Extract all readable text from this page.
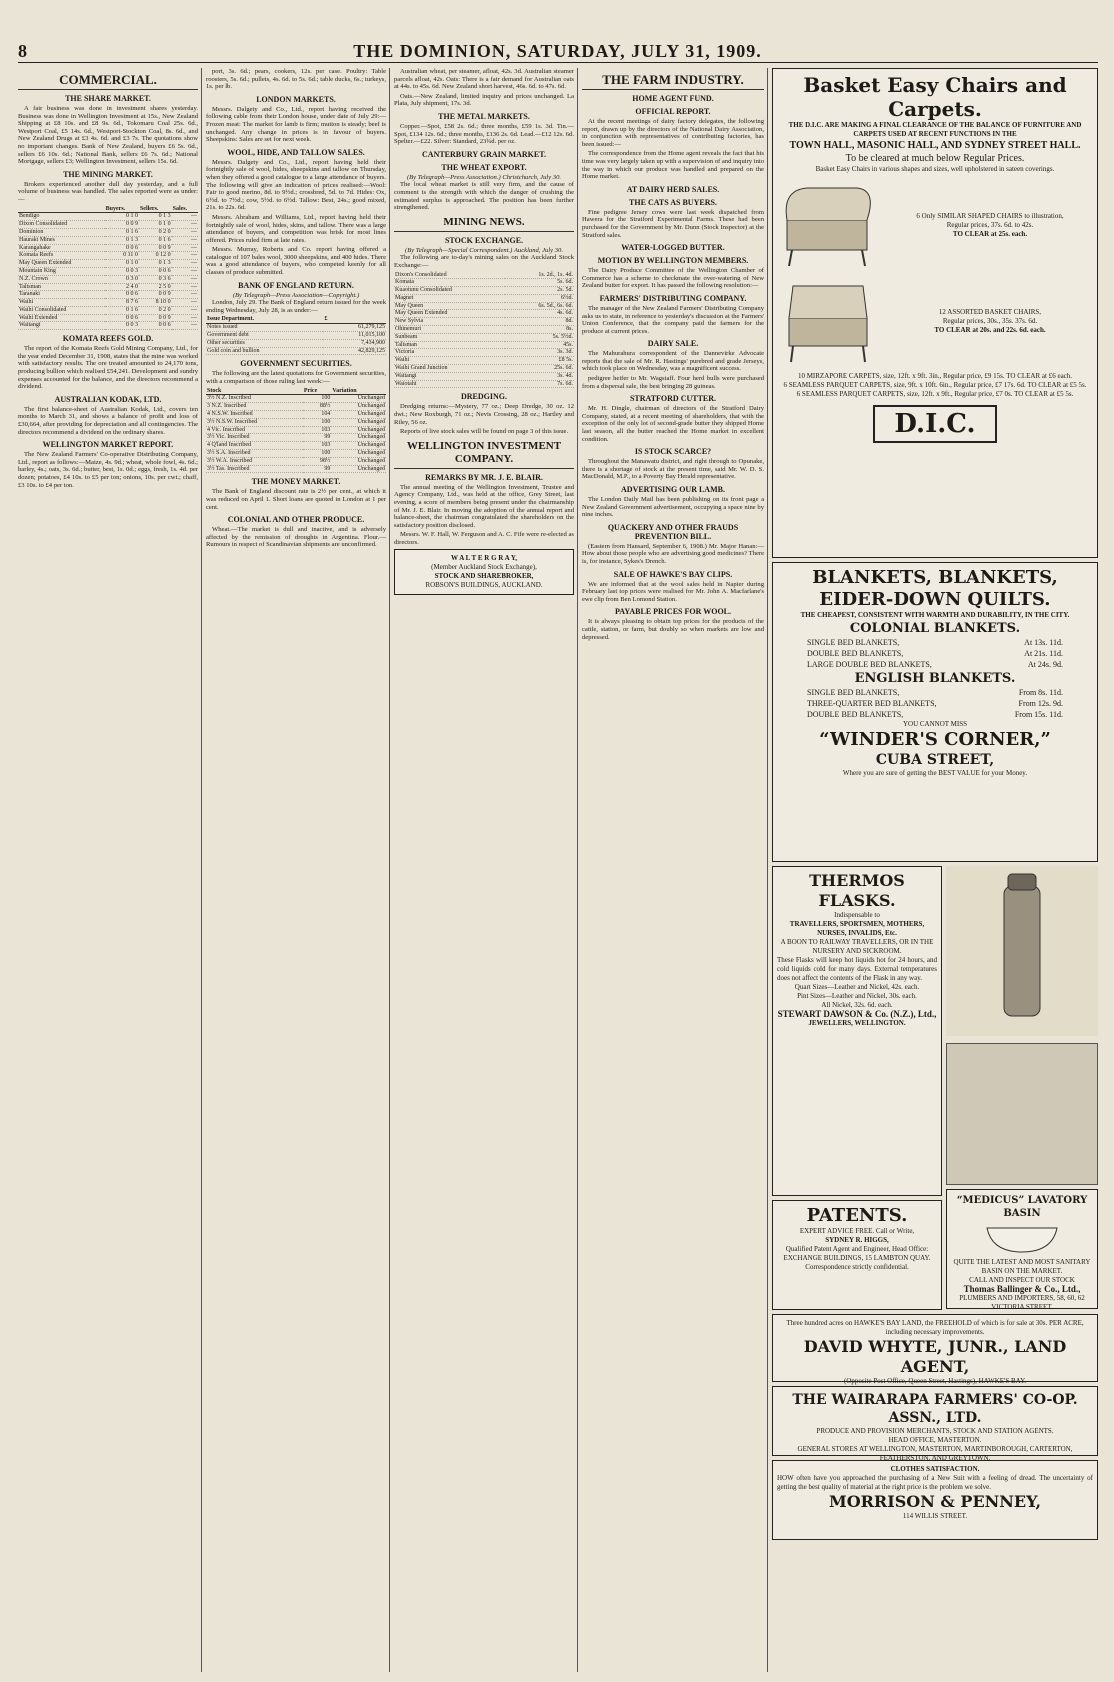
8	THE DOMINION, SATURDAY, JULY 31, 1909.
COMMERCIAL.
THE SHARE MARKET.

A fair business was done in investment shares yesterday. Business was done in Wellington Investment at 15s., New Zealand Shipping at £8 10s. and £8 9s. 6d., Tokomaru Coal 25s. 6d., Westport Coal, £5 14s. 6d., Westport-Stockton Coal, 8s. 6d., and New Zealand Drugs at £3 4s. 6d. and £3 7s. The quotations show no important changes. Bank of New Zealand, buyers £6 5s. 6d., sellers £6 10s. 6d.; National Bank, sellers £6 7s. 6d.; National Mortgage, sellers £3; Wellington Investment, sellers 15s. 6d.

THE MINING MARKET.

Brokers experienced another dull day yesterday, and a full volume of business was handled. The sales reported were as under:—

	Buyers.	Sellers.	Sales.
Bendigo	0 1 0	0 1 3	—
Dixon Consolidated	0 0 9	0 1 0	—
Dominion	0 1 6	0 2 0	—
Hauraki Mines	0 1 3	0 1 6	—
Karangahake	0 0 6	0 0 9	—
Komata Reefs	0 11 0	0 12 0	—
May Queen Extended	0 1 0	0 1 3	—
Mountain King	0 0 3	0 0 6	—
N.Z. Crown	0 3 0	0 3 6	—
Talisman	2 4 0	2 5 0	—
Taranaki	0 0 6	0 0 9	—
Waihi	8 7 6	8 10 0	—
Waihi Consolidated	0 1 6	0 2 0	—
Waihi Extended	0 0 6	0 0 9	—
Waitangi	0 0 3	0 0 6	—
KOMATA REEFS GOLD.

The report of the Komata Reefs Gold Mining Company, Ltd., for the year ended December 31, 1908, states that the mine was worked with satisfactory results. The ore treated amounted to 24,170 tons, producing bullion which realised £54,241. Development and sundry expenses accounted for the balance, and the directors recommend a dividend.

AUSTRALIAN KODAK, LTD.

The first balance-sheet of Australian Kodak, Ltd., covers ten months to March 31, and shows a balance of profit and loss of £30,664, after providing for depreciation and all contingencies. The directors recommend a dividend on the ordinary shares.

WELLINGTON MARKET REPORT.

The New Zealand Farmers' Co-operative Distributing Company, Ltd., report as follows:—Maize, 4s. 9d.; wheat, whole fowl, 4s. 6d.; barley, 4s.; oats, 3s. 6d.; butter, best, 1s. 0d.; eggs, fresh, 1s. 4d. per dozen; potatoes, £4 10s. to £5 per ton; onions, 10s. per cwt.; chaff, £3 10s. to £4 per ton.

port, 3s. 6d.; pears, cookers, 12s. per case. Poultry: Table roosters, 5s. 6d.; pullets, 4s. 6d. to 5s. 6d.; table ducks, 6s.; turkeys, 1s. per lb.

LONDON MARKETS.

Messrs. Dalgety and Co., Ltd., report having received the following cable from their London house, under date of July 29:— Frozen meat: The market for lamb is firm; mutton is steady; beef is unchanged. Any change in prices is in favour of buyers. Sheepskins: Sales are set for next week.

WOOL, HIDE, AND TALLOW SALES.

Messrs. Dalgety and Co., Ltd., report having held their fortnightly sale of wool, hides, sheepskins and tallow on Thursday, when they offered a good catalogue to a large attendance of buyers. The following will give an indication of prices realised:—Wool: Fair to good merino, 8d. to 9½d.; crossbred, 5d. to 7d. Hides: Ox, 6½d. to 7½d.; cow, 5½d. to 6½d. Tallow: Best, 24s.; good mixed, 21s. to 22s. 6d.

Messrs. Abraham and Williams, Ltd., report having held their fortnightly sale of wool, hides, skins, and tallow. There was a large attendance of buyers, and competition was brisk for most lines offered. Prices ruled firm at late rates.

Messrs. Murray, Roberts and Co. report having offered a catalogue of 107 bales wool, 3000 sheepskins, and 400 hides. There was a good attendance of buyers, who competed keenly for all classes of produce submitted.

BANK OF ENGLAND RETURN.
(By Telegraph—Press Association—Copyright.)

London, July 29. The Bank of England return issued for the week ending Wednesday, July 28, is as under:—

Issue Department.	£
Notes issued	61,279,125
Government debt	11,015,100
Other securities	7,434,900
Gold coin and bullion	42,829,125
GOVERNMENT SECURITIES.

The following are the latest quotations for Government securities, with a comparison of those ruling last week:—

Stock	Price	Variation
3½ N.Z. Inscribed	100	Unchanged
3 N.Z. Inscribed	88½	Unchanged
4 N.S.W. Inscribed	104	Unchanged
3½ N.S.W. Inscribed	100	Unchanged
4 Vic. Inscribed	103	Unchanged
3½ Vic. Inscribed	99	Unchanged
4 Q'land Inscribed	103	Unchanged
3½ S.A. Inscribed	100	Unchanged
3½ W.A. Inscribed	98½	Unchanged
3½ Tas. Inscribed	99	Unchanged
THE MONEY MARKET.

The Bank of England discount rate is 2½ per cent., at which it was reduced on April 1. Short loans are quoted in London at 1 per cent.

COLONIAL AND OTHER PRODUCE.

Wheat.—The market is dull and inactive, and is adversely affected by the remission of droughts in Argentina. Flour.—Rumours in respect of Scandinavian shipments are unconfirmed.

Australian wheat, per steamer, afloat, 42s. 3d. Australian steamer parcels afloat, 42s. Oats: There is a fair demand for Australian oats at 44s. to 45s. 6d. New Zealand short harvest, 46s. 6d. to 47s. 6d.

Oats.—New Zealand, limited inquiry and prices unchanged. La Plata, July shipment, 17s. 3d.

THE METAL MARKETS.

Copper.—Spot, £58 2s. 6d.; three months, £59 1s. 3d. Tin.—Spot, £134 12s. 6d.; three months, £136 2s. 6d. Lead.—£12 12s. 6d. Spelter.—£22. Silver: Standard, 23¾d. per oz.

CANTERBURY GRAIN MARKET.
THE WHEAT EXPORT.
(By Telegraph—Press Association.) Christchurch, July 30.

The local wheat market is still very firm, and the cause of comment is the strength with which the danger of crushing the estimated surplus is approached. The position has been further strengthened.

MINING NEWS.
STOCK EXCHANGE.
(By Telegraph—Special Correspondent.) Auckland, July 30.

The following are to-day's mining sales on the Auckland Stock Exchange:—

Dixon's Consolidated	1s. 2d., 1s. 4d.
Komata	5s. 6d.
Kuaotunu Consolidated	2s. 5d.
Magnet	6½d.
May Queen	6s. 5d., 6s. 6d.
May Queen Extended	4s. 6d.
New Sylvia	8d.
Ohinemuri	8s.
Sunbeam	5s. 5½d.
Talisman	45s.
Victoria	3s. 3d.
Waihi	£8 5s.
Waihi Grand Junction	25s. 6d.
Waitangi	3s. 4d.
Waiotahi	7s. 6d.
DREDGING.

Dredging returns:—Mystery, 77 oz.; Deep Dredge, 30 oz. 12 dwt.; New Roxburgh, 71 oz.; Nevis Crossing, 28 oz.; Hartley and Riley, 56 oz.

Reports of live stock sales will be found on page 3 of this issue.

WELLINGTON INVESTMENT COMPANY.
REMARKS BY MR. J. E. BLAIR.

The annual meeting of the Wellington Investment, Trustee and Agency Company, Ltd., was held at the office, Grey Street, last evening, a score of members being present under the chairmanship of Mr. J. E. Blair. In moving the adoption of the annual report and balance-sheet, the chairman congratulated the shareholders on the satisfactory position disclosed.

Messrs. W. F. Hall, W. Ferguson and A. C. Fife were re-elected as directors.

W A L T E R G R A Y,
(Member Auckland Stock Exchange),
STOCK AND SHAREBROKER,
ROBSON'S BUILDINGS, AUCKLAND.
THE FARM INDUSTRY.
HOME AGENT FUND.
OFFICIAL REPORT.

At the recent meetings of dairy factory delegates, the following report, drawn up by the directors of the National Dairy Association, in conjunction with representatives of contributing factories, has been issued:—

The correspondence from the Home agent reveals the fact that his time was very largely taken up with a supervision of and inquiry into the way in which our produce was handled and prepared on the Home market.

AT DAIRY HERD SALES.
THE CATS AS BUYERS.

Fine pedigree Jersey cows were last week dispatched from Hawera for the Stratford Experimental Farms. These had been purchased for the Government by Mr. Dunn (Stock Inspector) at the Stratford sales.

WATER-LOGGED BUTTER.
MOTION BY WELLINGTON MEMBERS.

The Dairy Produce Committee of the Wellington Chamber of Commerce has a scheme to checkmate the over-watering of New Zealand butter for export. It has passed the following resolution:—

FARMERS' DISTRIBUTING COMPANY.

The manager of the New Zealand Farmers' Distributing Company asks us to state, in reference to yesterday's discussion at the Farmers' Union Conference, that the company paid the farmers for the produce at current prices.

DAIRY SALE.

The Mahurahura correspondent of the Dannevirke Advocate reports that the sale of Mr. R. Hastings' purebred and grade Jerseys, which took place on Wednesday, was a magnificent success.

pedigree heifer to Mr. Wagstaff. Four herd bulls were purchased from a dispersal sale, the best bringing 28 guineas.

STRATFORD CUTTER.

Mr. H. Dingle, chairman of directors of the Stratford Dairy Company, stated, at a recent meeting of shareholders, that with the exception of the only lot of second-grade butter they shipped Home last season, all the butter reached the Home market in excellent condition.

IS STOCK SCARCE?

Throughout the Manawatu district, and right through to Opunake, there is a shortage of stock at the present time, said Mr. W. D. S. MacDonald, M.P., to a Poverty Bay Herald representative.

ADVERTISING OUR LAMB.

The London Daily Mail has been publishing on its front page a New Zealand Government advertisement, occupying a space nine by nine inches.

QUACKERY AND OTHER FRAUDS PREVENTION BILL.

(Eastern from Hansard, September 6, 1908.) Mr. Major Hanan:—How about those people who are advertising good medicines? There is, for instance, Sykes's Drench.

SALE OF HAWKE'S BAY CLIPS.

We are informed that at the wool sales held in Napier during February last top prices were realised for Mr. John A. Macfarlane's ewe clip from Ben Lomond Station.

PAYABLE PRICES FOR WOOL.

It is always pleasing to obtain top prices for the products of the cattle, station, or farm, but doubly so when markets are low and depressed.

Basket Easy Chairs and Carpets.
THE D.I.C. ARE MAKING A FINAL CLEARANCE OF THE BALANCE OF FURNITURE AND CARPETS USED AT RECENT FUNCTIONS IN THE
TOWN HALL, MASONIC HALL, AND SYDNEY STREET HALL.
To be cleared at much below Regular Prices.
Basket Easy Chairs in various shapes and sizes, well upholstered in sateen coverings.
6 Only SIMILAR SHAPED CHAIRS to illustration,
Regular prices, 37s. 6d. to 42s.
TO CLEAR at 25s. each.
12 ASSORTED BASKET CHAIRS,
Regular prices, 30s., 35s. 37s. 6d.
TO CLEAR at 20s. and 22s. 6d. each.
10 MIRZAPORE CARPETS, size, 12ft. x 9ft. 3in., Regular price, £9 15s. TO CLEAR at £6 each.
6 SEAMLESS PARQUET CARPETS, size, 9ft. x 10ft. 6in., Regular price, £7 17s. 6d. TO CLEAR at £5 5s.
6 SEAMLESS PARQUET CARPETS, size, 12ft. x 9ft., Regular price, £7 0s. TO CLEAR at £5 5s.
D.I.C.
BLANKETS, BLANKETS,
EIDER-DOWN QUILTS.
THE CHEAPEST, CONSISTENT WITH WARMTH AND DURABILITY, IN THE CITY.
COLONIAL BLANKETS.
SINGLE BED BLANKETS,	At 13s. 11d.
DOUBLE BED BLANKETS,	At 21s. 11d.
LARGE DOUBLE BED BLANKETS,	At 24s. 9d.
ENGLISH BLANKETS.
SINGLE BED BLANKETS,	From 8s. 11d.
THREE-QUARTER BED BLANKETS,	From 12s. 9d.
DOUBLE BED BLANKETS,	From 15s. 11d.
YOU CANNOT MISS
“WINDER'S CORNER,”
CUBA STREET,
Where you are sure of getting the BEST VALUE for your Money.
THERMOS FLASKS.
Indispensable to
TRAVELLERS, SPORTSMEN, MOTHERS, NURSES, INVALIDS, Etc.
A BOON TO RAILWAY TRAVELLERS, OR IN THE NURSERY AND SICKROOM.
These Flasks will keep hot liquids hot for 24 hours, and cold liquids cold for many days. External temperatures does not affect the contents of the Flask in any way.
Quart Sizes—Leather and Nickel, 42s. each.
Pint Sizes—Leather and Nickel, 30s. each.
All Nickel, 32s. 6d. each.
STEWART DAWSON & Co. (N.Z.), Ltd.,
JEWELLERS, WELLINGTON.
PATENTS.
EXPERT ADVICE FREE. Call or Write,
SYDNEY R. HIGGS,
Qualified Patent Agent and Engineer, Head Office: EXCHANGE BUILDINGS, 15 LAMBTON QUAY.
Correspondence strictly confidential.
“MEDICUS” LAVATORY BASIN
QUITE THE LATEST AND MOST SANITARY BASIN ON THE MARKET.
CALL AND INSPECT OUR STOCK
Thomas Ballinger & Co., Ltd.,
PLUMBERS AND IMPORTERS, 58, 60, 62 VICTORIA STREET.
Three hundred acres on HAWKE'S BAY LAND, the FREEHOLD of which is for sale at 30s. PER ACRE, including necessary improvements.
DAVID WHYTE, JUNR., LAND AGENT,
(Opposite Post Office, Queen Street, Hastings), HAWKE'S BAY.
THE WAIRARAPA FARMERS' CO-OP. ASSN., LTD.
PRODUCE AND PROVISION MERCHANTS, STOCK AND STATION AGENTS.
HEAD OFFICE, MASTERTON.
GENERAL STORES AT WELLINGTON, MASTERTON, MARTINBOROUGH, CARTERTON, FEATHERSTON, AND GREYTOWN.
CLOTHES SATISFACTION.
HOW often have you approached the purchasing of a New Suit with a feeling of dread. The uncertainty of getting the best quality of material at the right price is the problem we solve.
MORRISON & PENNEY,
114 WILLIS STREET.
